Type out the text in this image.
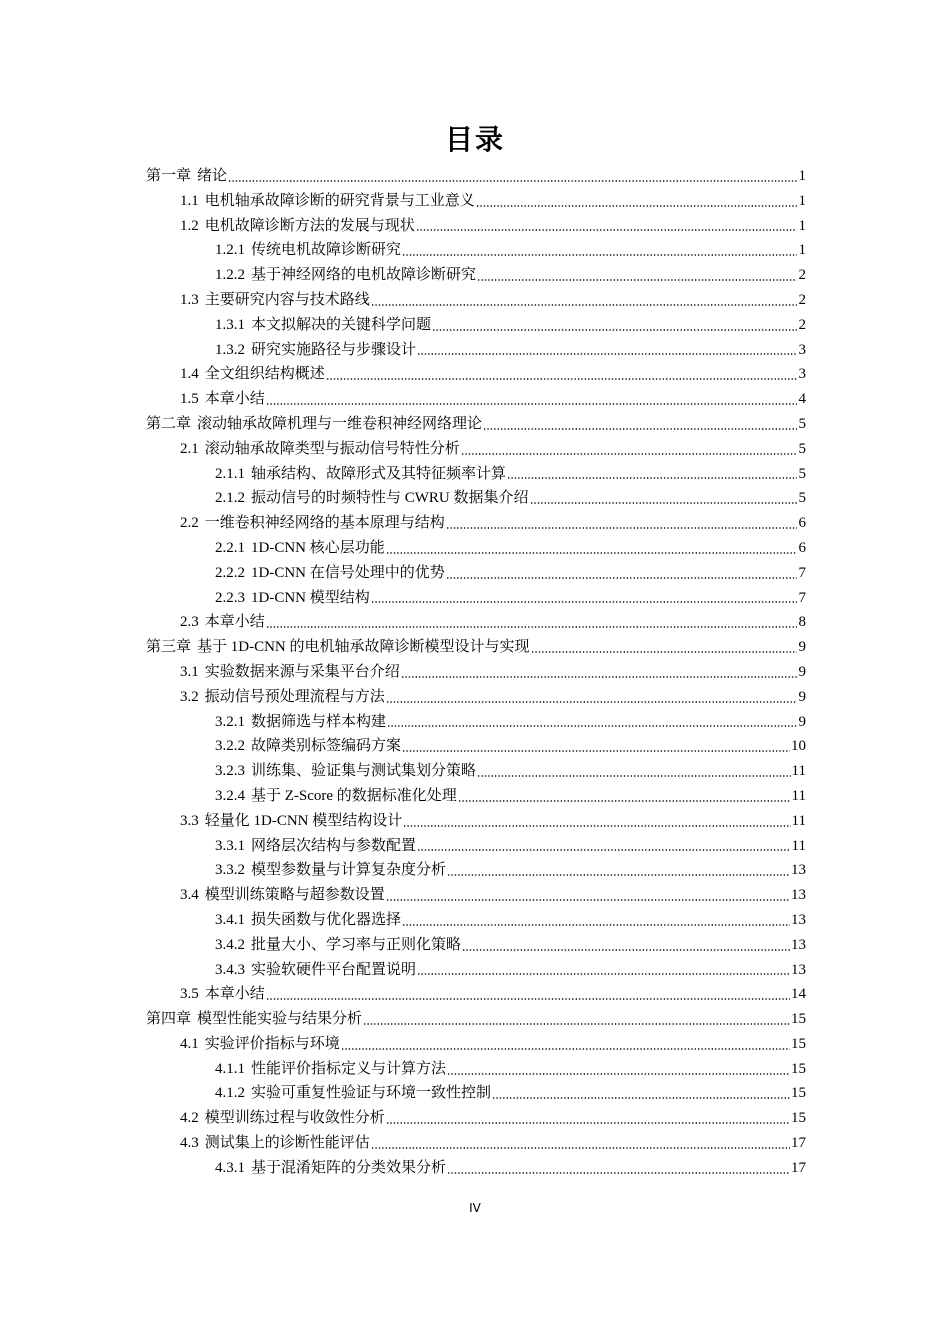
目录
第一章 绪论	1
1.1 电机轴承故障诊断的研究背景与工业意义	1
1.2 电机故障诊断方法的发展与现状	1
1.2.1 传统电机故障诊断研究	1
1.2.2 基于神经网络的电机故障诊断研究	2
1.3 主要研究内容与技术路线	2
1.3.1 本文拟解决的关键科学问题	2
1.3.2 研究实施路径与步骤设计	3
1.4 全文组织结构概述	3
1.5 本章小结	4
第二章 滚动轴承故障机理与一维卷积神经网络理论	5
2.1 滚动轴承故障类型与振动信号特性分析	5
2.1.1 轴承结构、故障形式及其特征频率计算	5
2.1.2 振动信号的时频特性与 CWRU 数据集介绍	5
2.2 一维卷积神经网络的基本原理与结构	6
2.2.1 1D-CNN 核心层功能	6
2.2.2 1D-CNN 在信号处理中的优势	7
2.2.3 1D-CNN 模型结构	7
2.3 本章小结	8
第三章 基于 1D-CNN 的电机轴承故障诊断模型设计与实现	9
3.1 实验数据来源与采集平台介绍	9
3.2 振动信号预处理流程与方法	9
3.2.1 数据筛选与样本构建	9
3.2.2 故障类别标签编码方案	10
3.2.3 训练集、验证集与测试集划分策略	11
3.2.4 基于 Z-Score 的数据标准化处理	11
3.3 轻量化 1D-CNN 模型结构设计	11
3.3.1 网络层次结构与参数配置	11
3.3.2 模型参数量与计算复杂度分析	13
3.4 模型训练策略与超参数设置	13
3.4.1 损失函数与优化器选择	13
3.4.2 批量大小、学习率与正则化策略	13
3.4.3 实验软硬件平台配置说明	13
3.5 本章小结	14
第四章 模型性能实验与结果分析	15
4.1 实验评价指标与环境	15
4.1.1 性能评价指标定义与计算方法	15
4.1.2 实验可重复性验证与环境一致性控制	15
4.2 模型训练过程与收敛性分析	15
4.3 测试集上的诊断性能评估	17
4.3.1 基于混淆矩阵的分类效果分析	17
IV
